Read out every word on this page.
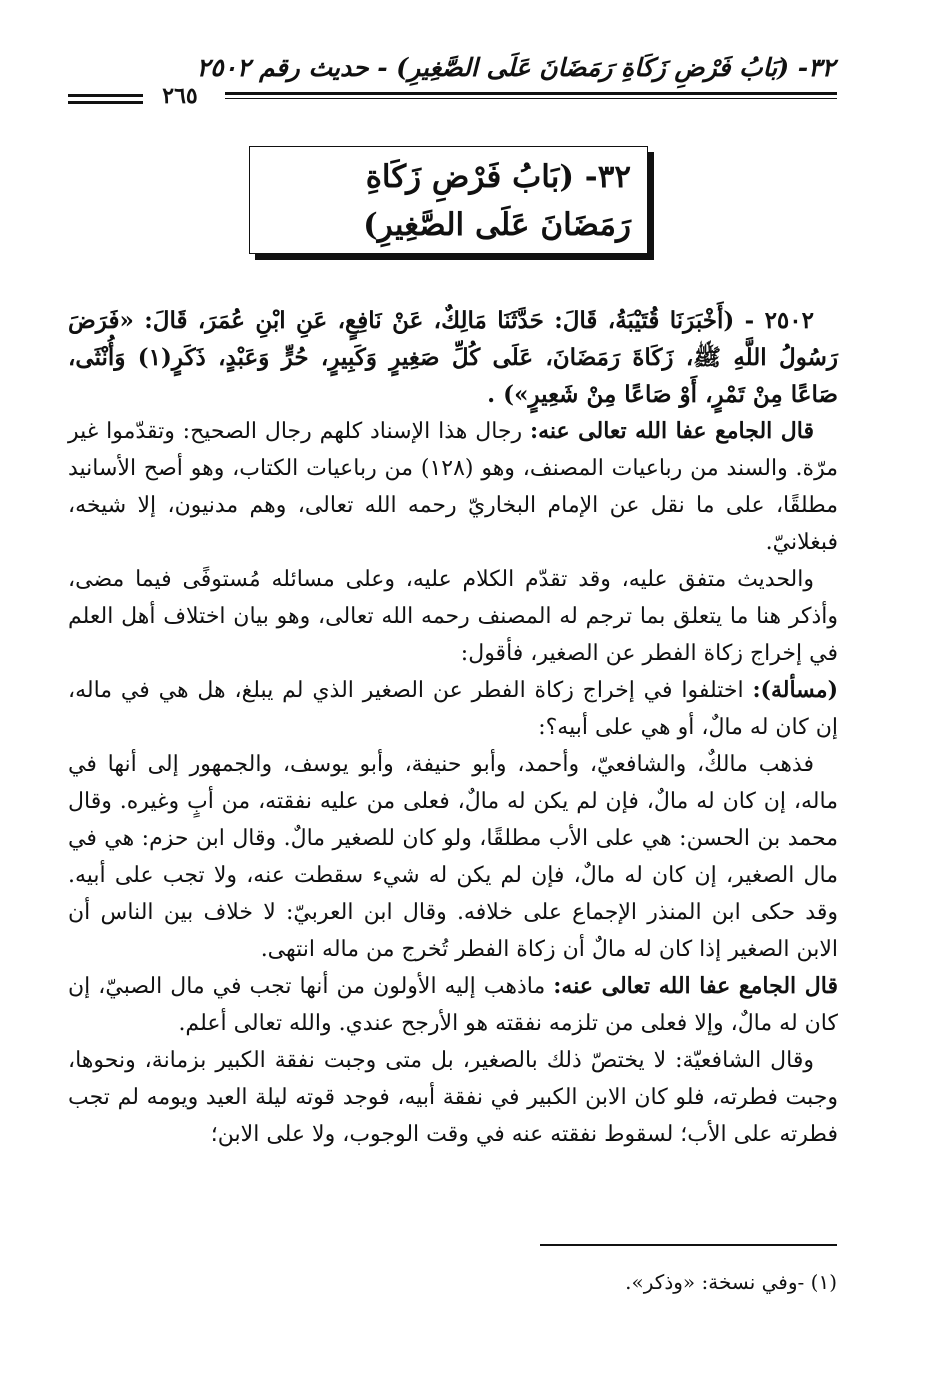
٣٢- (بَابُ فَرْضِ زَكَاةِ رَمَضَانَ عَلَى الصَّغِيرِ) - حديث رقم ٢٥٠٢
٢٦٥
٣٢- (بَابُ فَرْضِ زَكَاةِ رَمَضَانَ عَلَى الصَّغِيرِ)

٢٥٠٢ - (أَخْبَرَنَا قُتَيْبَةُ، قَالَ: حَدَّثَنَا مَالِكٌ، عَنْ نَافِعٍ، عَنِ ابْنِ عُمَرَ، قَالَ: «فَرَضَ رَسُولُ اللَّهِ ﷺ، زَكَاةَ رَمَضَانَ، عَلَى كُلِّ صَغِيرٍ وَكَبِيرٍ، حُرٍّ وَعَبْدٍ، ذَكَرٍ(١) وَأُنْثَى، صَاعًا مِنْ تَمْرٍ، أَوْ صَاعًا مِنْ شَعِيرٍ») .

قال الجامع عفا الله تعالى عنه: رجال هذا الإسناد كلهم رجال الصحيح: وتقدّموا غير مرّة. والسند من رباعيات المصنف، وهو (١٢٨) من رباعيات الكتاب، وهو أصح الأسانيد مطلقًا، على ما نقل عن الإمام البخاريّ رحمه الله تعالى، وهم مدنيون، إلا شيخه، فبغلانيّ.

والحديث متفق عليه، وقد تقدّم الكلام عليه، وعلى مسائله مُستوفًى فيما مضى، وأذكر هنا ما يتعلق بما ترجم له المصنف رحمه الله تعالى، وهو بيان اختلاف أهل العلم في إخراج زكاة الفطر عن الصغير، فأقول:

(مسألة): اختلفوا في إخراج زكاة الفطر عن الصغير الذي لم يبلغ، هل هي في ماله، إن كان له مالٌ، أو هي على أبيه؟:

فذهب مالكٌ، والشافعيّ، وأحمد، وأبو حنيفة، وأبو يوسف، والجمهور إلى أنها في ماله، إن كان له مالٌ، فإن لم يكن له مالٌ، فعلى من عليه نفقته، من أبٍ وغيره. وقال محمد بن الحسن: هي على الأب مطلقًا، ولو كان للصغير مالٌ. وقال ابن حزم: هي في مال الصغير، إن كان له مالٌ، فإن لم يكن له شيء سقطت عنه، ولا تجب على أبيه. وقد حكى ابن المنذر الإجماع على خلافه. وقال ابن العربيّ: لا خلاف بين الناس أن الابن الصغير إذا كان له مالٌ أن زكاة الفطر تُخرج من ماله انتهى.

قال الجامع عفا الله تعالى عنه: ماذهب إليه الأولون من أنها تجب في مال الصبيّ، إن كان له مالٌ، وإلا فعلى من تلزمه نفقته هو الأرجح عندي. والله تعالى أعلم.

وقال الشافعيّة: لا يختصّ ذلك بالصغير، بل متى وجبت نفقة الكبير بزمانة، ونحوها، وجبت فطرته، فلو كان الابن الكبير في نفقة أبيه، فوجد قوته ليلة العيد ويومه لم تجب فطرته على الأب؛ لسقوط نفقته عنه في وقت الوجوب، ولا على الابن؛

(١) -وفي نسخة: «وذكر».
